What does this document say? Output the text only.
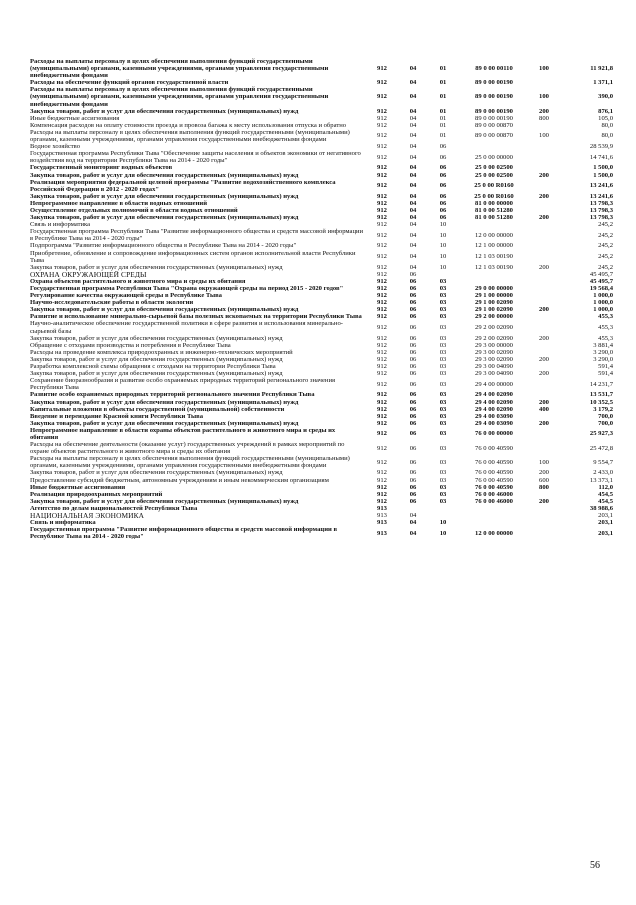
Расходы на выплаты персоналу в целях обеспечения выполнения функций государственными (муниципальными) органами, казенными учреждениями, органами управления государственными внебюджетными фондами	912	04	01	89 0 00 00110	100	11 921,8
Расходы на обеспечение функций органов государственной власти	912	04	01	89 0 00 00190		1 371,1
Расходы на выплаты персоналу в целях обеспечения выполнения функций государственными (муниципальными) органами, казенными учреждениями, органами управления государственными внебюджетными фондами	912	04	01	89 0 00 00190	100	390,0
Закупка товаров, работ и услуг для обеспечения государственных (муниципальных) нужд	912	04	01	89 0 00 00190	200	876,1
Иные бюджетные ассигнования	912	04	01	89 0 00 00190	800	105,0
Компенсация расходов на оплату стоимости проезда и провоза багажа к месту использования отпуска и обратно	912	04	01	89 0 00 00870		80,0
Расходы на выплаты персоналу в целях обеспечения выполнения функций государственными (муниципальными) органами, казенными учреждениями, органами управления государственными внебюджетными фондами	912	04	01	89 0 00 00870	100	80,0
Водное хозяйство	912	04	06			28 539,9
Государственная программа Республики Тыва "Обеспечение защиты населения и объектов экономики от негативного воздействия вод на территории Республики Тыва на 2014 - 2020 годы"	912	04	06	25 0 00 00000		14 741,6
Государственный мониторинг водных объектов	912	04	06	25 0 00 02500		1 500,0
Закупка товаров, работ и услуг для обеспечения государственных (муниципальных) нужд	912	04	06	25 0 00 02500	200	1 500,0
Реализация мероприятия федеральной целевой программы "Развитие водохозяйственного комплекса Российской Федерации в 2012 - 2020 годах"	912	04	06	25 0 00 R0160		13 241,6
Закупка товаров, работ и услуг для обеспечения государственных (муниципальных) нужд	912	04	06	25 0 00 R0160	200	13 241,6
Непрограммное направление в области водных отношений	912	04	06	81 0 00 00000		13 798,3
Осуществление отдельных полномочий в области водных отношений	912	04	06	81 0 00 51280		13 798,3
Закупка товаров, работ и услуг для обеспечения государственных (муниципальных) нужд	912	04	06	81 0 00 51280	200	13 798,3
Связь и информатика	912	04	10			245,2
Государственная программа Республики Тыва "Развитие информационного общества и средств массовой информации в Республике Тыва на 2014 - 2020 годы"	912	04	10	12 0 00 00000		245,2
Подпрограмма "Развитие информационного общества в Республике Тыва на 2014 - 2020 годы"	912	04	10	12 1 00 00000		245,2
Приобретение, обновление и сопровождение информационных систем органов исполнительной власти Республики Тыва	912	04	10	12 1 03 00190		245,2
Закупка товаров, работ и услуг для обеспечения государственных (муниципальных) нужд	912	04	10	12 1 03 00190	200	245,2
ОХРАНА ОКРУЖАЮЩЕЙ СРЕДЫ	912	06				45 495,7
Охрана объектов растительного и животного мира и среды их обитания	912	06	03			45 495,7
Государственная программа Республики Тыва "Охрана окружающей среды на период 2015 - 2020 годов"	912	06	03	29 0 00 00000		19 568,4
Регулирование качества окружающей среды в Республике Тыва	912	06	03	29 1 00 00000		1 000,0
Научно-исследовательские работы в области экологии	912	06	03	29 1 00 02090		1 000,0
Закупка товаров, работ и услуг для обеспечения государственных (муниципальных) нужд	912	06	03	29 1 00 02090	200	1 000,0
Развитие и использование минерально-сырьевой базы полезных ископаемых на территории Республики Тыва	912	06	03	29 2 00 00000		455,3
Научно-аналитическое обеспечение государственной политики в сфере развития и использования минерально-сырьевой базы	912	06	03	29 2 00 02090		455,3
Закупка товаров, работ и услуг для обеспечения государственных (муниципальных) нужд	912	06	03	29 2 00 02090	200	455,3
Обращение с отходами производства и потребления в Республике Тыва	912	06	03	29 3 00 00000		3 881,4
Расходы на проведение комплекса природоохранных и инженерно-технических мероприятий	912	06	03	29 3 00 02090		3 290,0
Закупка товаров, работ и услуг для обеспечения государственных (муниципальных) нужд	912	06	03	29 3 00 02090	200	3 290,0
Разработка комплексной схемы обращения с отходами на территории Республики Тыва	912	06	03	29 3 00 04090		591,4
Закупка товаров, работ и услуг для обеспечения государственных (муниципальных) нужд	912	06	03	29 3 00 04090	200	591,4
Сохранение биоразнообразия и развитие особо охраняемых природных территорий регионального значения Республики Тыва	912	06	03	29 4 00 00000		14 231,7
Развитие особо охраняемых природных территорий регионального значения Республики Тыва	912	06	03	29 4 00 02090		13 531,7
Закупка товаров, работ и услуг для обеспечения государственных (муниципальных) нужд	912	06	03	29 4 00 02090	200	10 352,5
Капитальные вложения в объекты государственной (муниципальной) собственности	912	06	03	29 4 00 02090	400	3 179,2
Введение и переиздание Красной книги Республики Тыва	912	06	03	29 4 00 03090		700,0
Закупка товаров, работ и услуг для обеспечения государственных (муниципальных) нужд	912	06	03	29 4 00 03090	200	700,0
Непрограммное направление в области охраны объектов растительного и животного мира и среды их обитания	912	06	03	76 0 00 00000		25 927,3
Расходы на обеспечение деятельности (оказание услуг) государственных учреждений в рамках мероприятий по охране объектов растительного и животного мира и среды их обитания	912	06	03	76 0 00 40590		25 472,8
Расходы на выплаты персоналу в целях обеспечения выполнения функций государственными (муниципальными) органами, казенными учреждениями, органами управления государственными внебюджетными фондами	912	06	03	76 0 00 40590	100	9 554,7
Закупка товаров, работ и услуг для обеспечения государственных (муниципальных) нужд	912	06	03	76 0 00 40590	200	2 433,0
Предоставление субсидий бюджетным, автономным учреждениям и иным некоммерческим организациям	912	06	03	76 0 00 40590	600	13 373,1
Иные бюджетные ассигнования	912	06	03	76 0 00 40590	800	112,0
Реализация природоохранных мероприятий	912	06	03	76 0 00 46000		454,5
Закупка товаров, работ и услуг для обеспечения государственных (муниципальных) нужд	912	06	03	76 0 00 46000	200	454,5
Агентство по делам национальностей Республики Тыва	913					38 988,6
НАЦИОНАЛЬНАЯ ЭКОНОМИКА	913	04				203,1
Связь и информатика	913	04	10			203,1
Государственная программа "Развитие информационного общества и средств массовой информации в Республике Тыва на 2014 - 2020 годы"	913	04	10	12 0 00 00000		203,1
56
